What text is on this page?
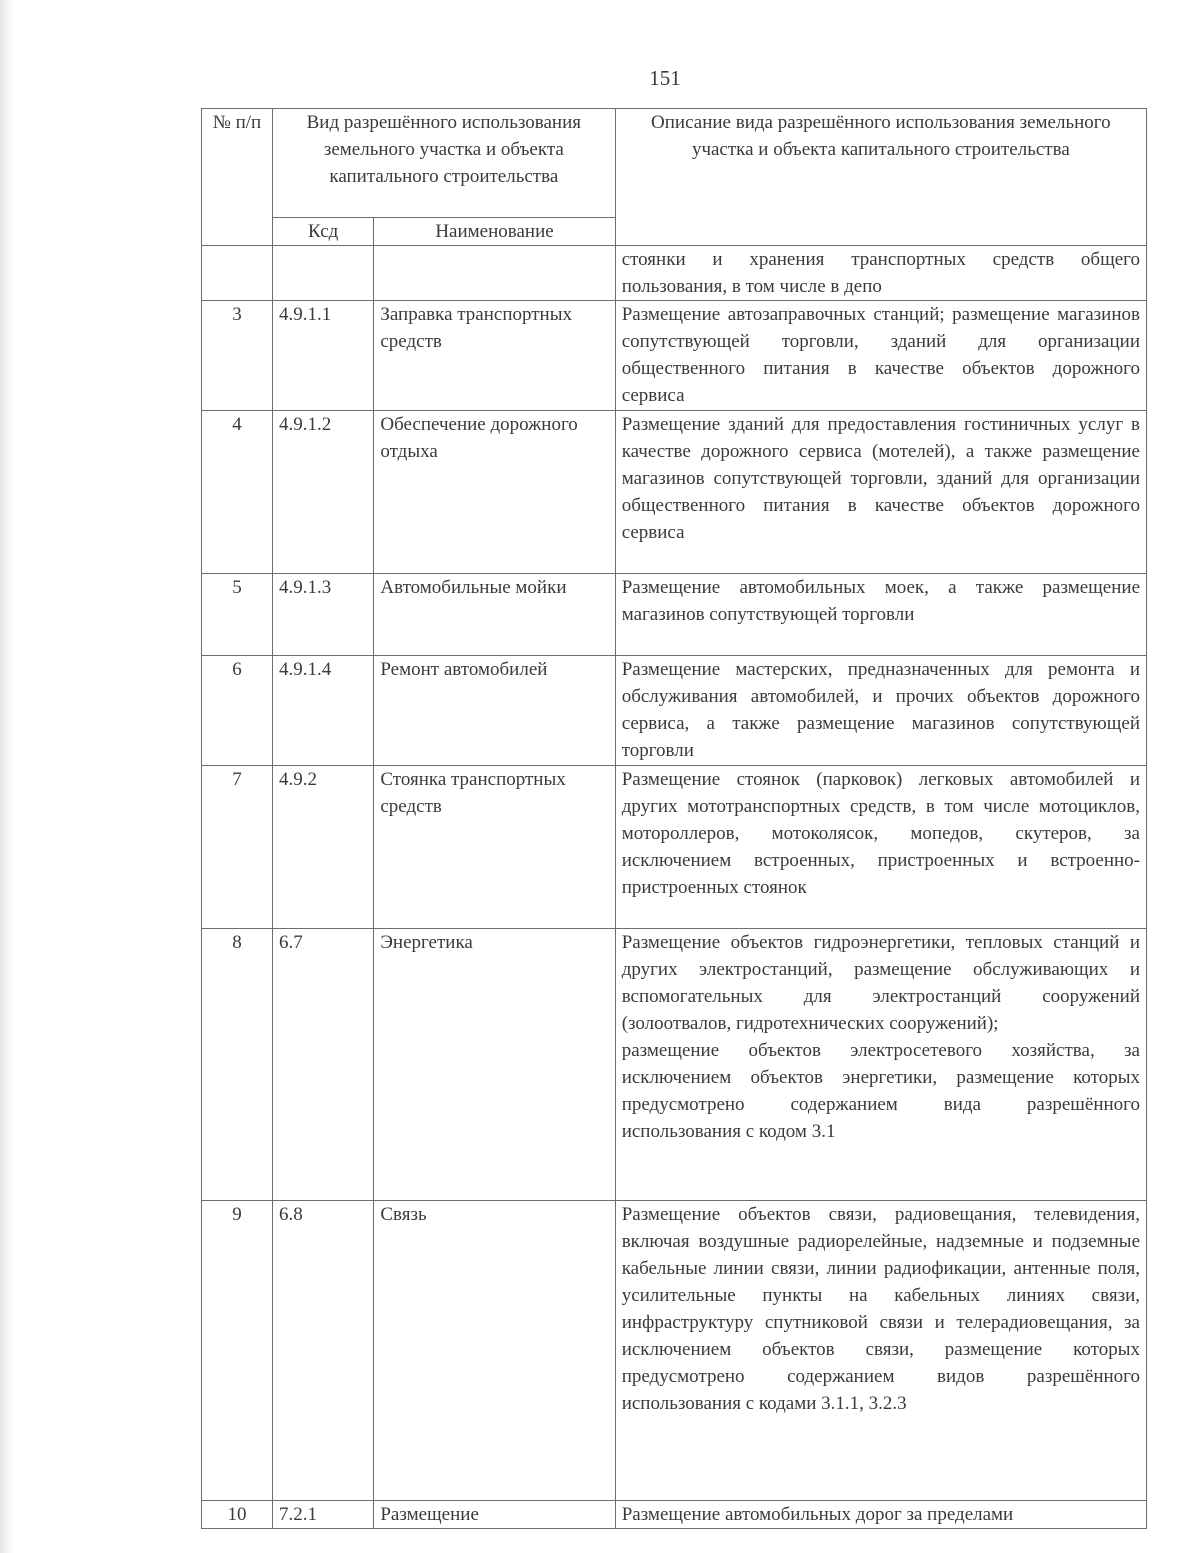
151
№ п/п	Вид разрешённого использования земельного участка и объекта капитального строительства		Описание вида разрешённого использования земельного участка и объекта капитального строительства
	Ксд	Наименование	
			стоянки и хранения транспортных средств общего пользования, в том числе в депо
3	4.9.1.1	Заправка транспортных средств	Размещение автозаправочных станций; размещение магазинов сопутствующей торговли, зданий для организации общественного питания в качестве объектов дорожного сервиса
4	4.9.1.2	Обеспечение дорожного отдыха	Размещение зданий для предоставления гостиничных услуг в качестве дорожного сервиса (мотелей), а также размещение магазинов сопутствующей торговли, зданий для организации общественного питания в качестве объектов дорожного сервиса
5	4.9.1.3	Автомобильные мойки	Размещение автомобильных моек, а также размещение магазинов сопутствующей торговли
6	4.9.1.4	Ремонт автомобилей	Размещение мастерских, предназначенных для ремонта и обслуживания автомобилей, и прочих объектов дорожного сервиса, а также размещение магазинов сопутствующей торговли
7	4.9.2	Стоянка транспортных средств	Размещение стоянок (парковок) легковых автомобилей и других мототранспортных средств, в том числе мотоциклов, мотороллеров, мотоколясок, мопедов, скутеров, за исключением встроенных, пристроенных и встроенно-пристроенных стоянок
8	6.7	Энергетика	Размещение объектов гидроэнергетики, тепловых станций и других электростанций, размещение обслуживающих и вспомогательных для электростанций сооружений (золоотвалов, гидротехнических сооружений);
размещение объектов электросетевого хозяйства, за исключением объектов энергетики, размещение которых предусмотрено содержанием вида разрешённого использования с кодом 3.1

9	6.8	Связь	Размещение объектов связи, радиовещания, телевидения, включая воздушные радиорелейные, надземные и подземные кабельные линии связи, линии радиофикации, антенные поля, усилительные пункты на кабельных линиях связи, инфраструктуру спутниковой связи и телерадиовещания, за исключением объектов связи, размещение которых предусмотрено содержанием видов разрешённого использования с кодами 3.1.1, 3.2.3
10	7.2.1	Размещение	Размещение автомобильных дорог за пределами
